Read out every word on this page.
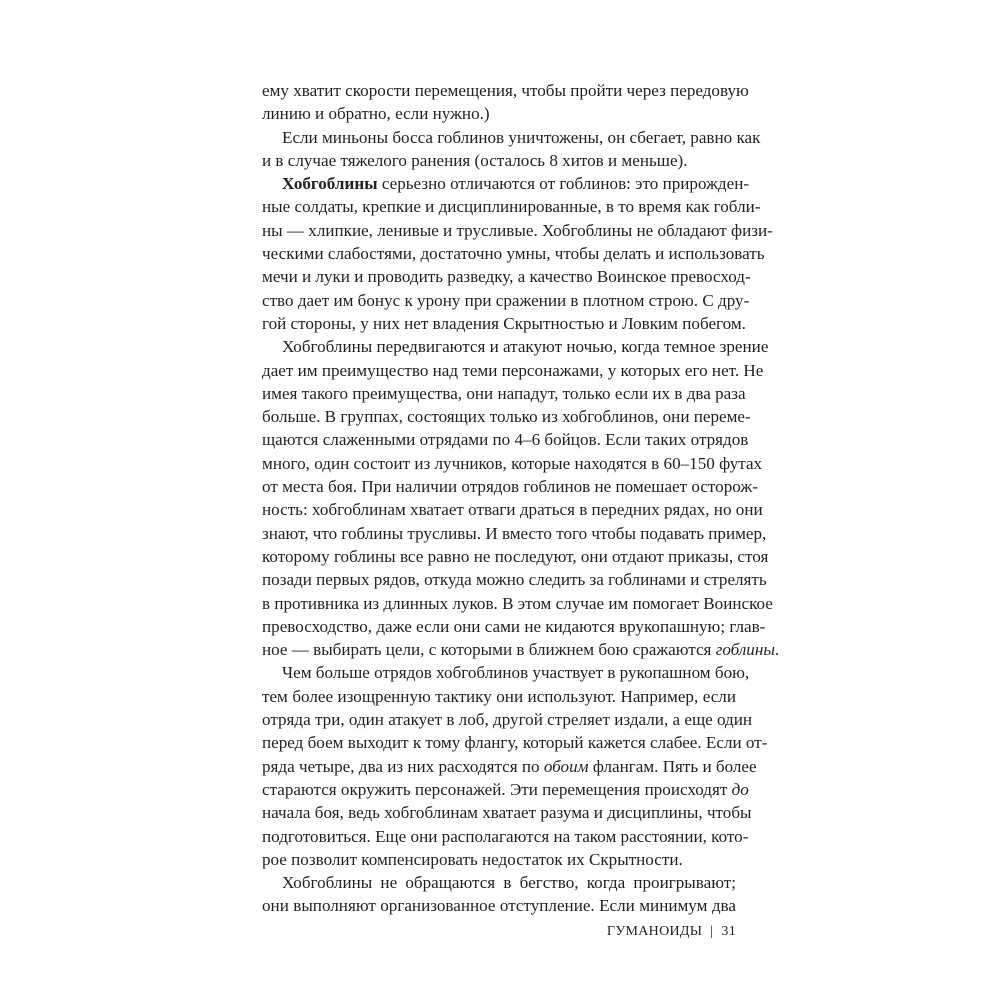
ему хватит скорости перемещения, чтобы пройти через передовую
линию и обратно, если нужно.)
Если миньоны босса гоблинов уничтожены, он сбегает, равно как
и в случае тяжелого ранения (осталось 8 хитов и меньше).
Хобгоблины серьезно отличаются от гоблинов: это прирожден-
ные солдаты, крепкие и дисциплинированные, в то время как гобли-
ны — хлипкие, ленивые и трусливые. Хобгоблины не обладают физи-
ческими слабостями, достаточно умны, чтобы делать и использовать
мечи и луки и проводить разведку, а качество Воинское превосход-
ство дает им бонус к урону при сражении в плотном строю. С дру-
гой стороны, у них нет владения Скрытностью и Ловким побегом.
Хобгоблины передвигаются и атакуют ночью, когда темное зрение
дает им преимущество над теми персонажами, у которых его нет. Не
имея такого преимущества, они нападут, только если их в два раза
больше. В группах, состоящих только из хобгоблинов, они переме-
щаются слаженными отрядами по 4–6 бойцов. Если таких отрядов
много, один состоит из лучников, которые находятся в 60–150 футах
от места боя. При наличии отрядов гоблинов не помешает осторож-
ность: хобгоблинам хватает отваги драться в передних рядах, но они
знают, что гоблины трусливы. И вместо того чтобы подавать пример,
которому гоблины все равно не последуют, они отдают приказы, стоя
позади первых рядов, откуда можно следить за гоблинами и стрелять
в противника из длинных луков. В этом случае им помогает Воинское
превосходство, даже если они сами не кидаются врукопашную; глав-
ное — выбирать цели, с которыми в ближнем бою сражаются гоблины.
Чем больше отрядов хобгоблинов участвует в рукопашном бою,
тем более изощренную тактику они используют. Например, если
отряда три, один атакует в лоб, другой стреляет издали, а еще один
перед боем выходит к тому флангу, который кажется слабее. Если от-
ряда четыре, два из них расходятся по обоим флангам. Пять и более
стараются окружить персонажей. Эти перемещения происходят до
начала боя, ведь хобгоблинам хватает разума и дисциплины, чтобы
подготовиться. Еще они располагаются на таком расстоянии, кото-
рое позволит компенсировать недостаток их Скрытности.
Хобгоблины не обращаются в бегство, когда проигрывают;
они выполняют организованное отступление. Если минимум два
ГУМАНОИДЫ | 31
